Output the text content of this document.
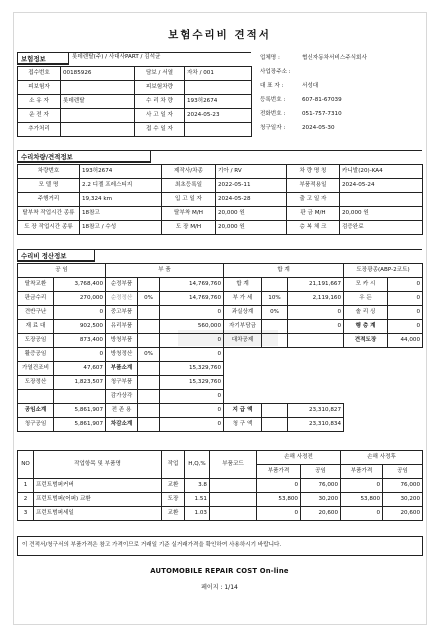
보험수리비 견적서
보험정보
접수번호	00185926	담보 / 서열	자차 / 001
피보험자		피보험차량	
소 유 자	롯데렌탈	수 리 차 량	193허2674
운 전 자		사 고 일 자	2024-05-23
추가처리		접 수 일 자	
롯데렌탈(주) / 사대사PART / 김석균	업체명 :	협신자동차서비스주식회사
사업장주소 :
대 표 자 :	서성대
등록번호 :	607-81-67039
전화번호 :	051-757-7310
청구일자 :	2024-05-30
수리차량/견적정보
차량번호	193허2674	제작사/차종	기아 / RV	차 량 명 칭	카니발(20)-KA4
모 델 명	2.2 디젤 프레스티지	최초등록일	2022-05-11	부품적용일	2024-05-24
주행거리	19,324 km	입 고 일 자	2024-05-28	출 고 일 자	
탈부착 작업시간 종류	18참고	탈부착 M/H	20,000 원	판 금 M/H	20,000 원
도 장 작업시간 종류	18참고 / 수성	도 장 M/H	20,000 원	층 복 체 크	검증완료
수리비 정산정보
공 임		부 품			합 계			도장광종(ABP-2코트)	
탈착교환	3,768,400	순정부품		14,769,760	합 계		21,191,667	모 카 시	0
판금수리	270,000	순정정산	0%	14,769,760	부 가 세	10%	2,119,160	우 든	0
견반구난	0	중고부품		0	과실상계	0%	0	솔 리 싱	0
재 료 대	902,500	유리부품		560,000	자기부담금		0	행 층 계	0
도장공임	873,400	방청부품		0	대차공제			견적도장	44,000
활증공임	0	방청정산	0%	0					
가열건조비	47,607	부품소계		15,329,760					
도장정산	1,823,507	청구부품		15,329,760					
		감가상각		0					
공임소계	5,861,907	전 존 용		0	지 급 액		23,310,827		
청구공임	5,861,907	차감소계		0	청 구 액		23,310,834		
NO	작업항목 및 부품명	작업	H,Q,%	부품코드	손해 사정전		손해 사정후	
					부품가격	공임	부품가격	공임
1	프런트범퍼커버	교환	3.8		0	76,000	0	76,000
2	프런트범퍼(어퍼) 교환	도장	1.51		53,800	30,200	53,800	30,200
3	프런트범퍼세일	교환	1.03		0	20,600	0	20,600
이 견적서/청구서의 부품가격은 참고 가격이므로 거래일 기준 실거래가격을 확인하여 사용하시기 바랍니다.
AUTOMOBILE REPAIR COST On-line
페이지 : 1/14
